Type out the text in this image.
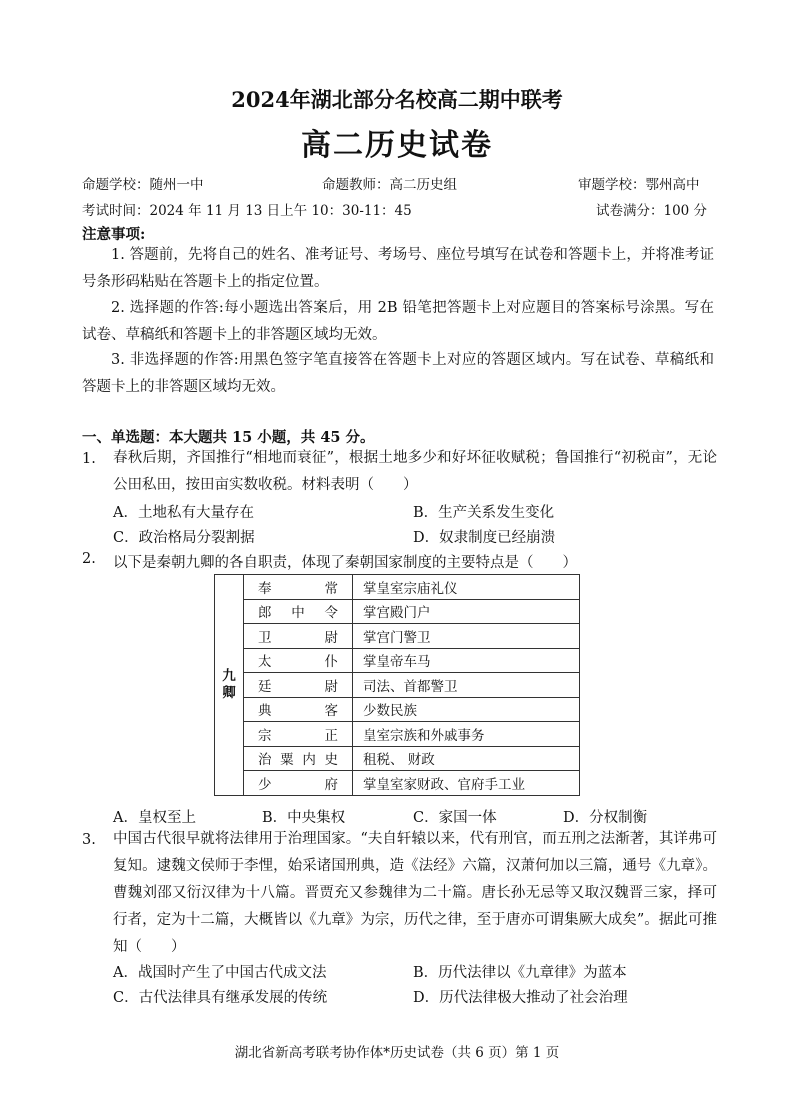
2024年湖北部分名校高二期中联考
高二历史试卷
命题学校：随州一中	命题教师：高二历史组	审题学校：鄂州高中
考试时间：2024 年 11 月 13 日上午 10：30-11：45	试卷满分：100 分
注意事项:
1. 答题前，先将自己的姓名、准考证号、考场号、座位号填写在试卷和答题卡上，并将准考证号条形码粘贴在答题卡上的指定位置。
2. 选择题的作答:每小题选出答案后，用 2B 铅笔把答题卡上对应题目的答案标号涂黑。写在试卷、草稿纸和答题卡上的非答题区域均无效。
3. 非选择题的作答:用黑色签字笔直接答在答题卡上对应的答题区域内。写在试卷、草稿纸和答题卡上的非答题区域均无效。
一、单选题：本大题共 15 小题，共 45 分。
1. 春秋后期，齐国推行“相地而衰征”，根据土地多少和好坏征收赋税；鲁国推行“初税亩”，无论公田私田，按田亩实数收税。材料表明（　　）
A．土地私有大量存在	B．生产关系发生变化
C．政治格局分裂割据	D．奴隶制度已经崩溃
2. 以下是秦朝九卿的各自职责，体现了秦朝国家制度的主要特点是（　　）
九
卿	奉常	掌皇室宗庙礼仪
	郎中令	掌宫殿门户
	卫尉	掌宫门警卫
	太仆	掌皇帝车马
	廷尉	司法、首都警卫
	典客	少数民族
	宗正	皇室宗族和外戚事务
	治粟内史	租税、 财政
	少府	掌皇室家财政、官府手工业
A．皇权至上	B．中央集权	C．家国一体	D．分权制衡
3. 中国古代很早就将法律用于治理国家。“夫自轩辕以来，代有刑官，而五刑之法渐著，其详弗可复知。逮魏文侯师于李悝，始采诸国刑典，造《法经》六篇，汉萧何加以三篇，通号《九章》。曹魏刘邵又衍汉律为十八篇。晋贾充又参魏律为二十篇。唐长孙无忌等又取汉魏晋三家，择可行者，定为十二篇，大概皆以《九章》为宗，历代之律，至于唐亦可谓集厥大成矣”。据此可推知（　　）
A．战国时产生了中国古代成文法	B．历代法律以《九章律》为蓝本
C．古代法律具有继承发展的传统	D．历代法律极大推动了社会治理
湖北省新高考联考协作体*历史试卷（共 6 页）第 1 页
